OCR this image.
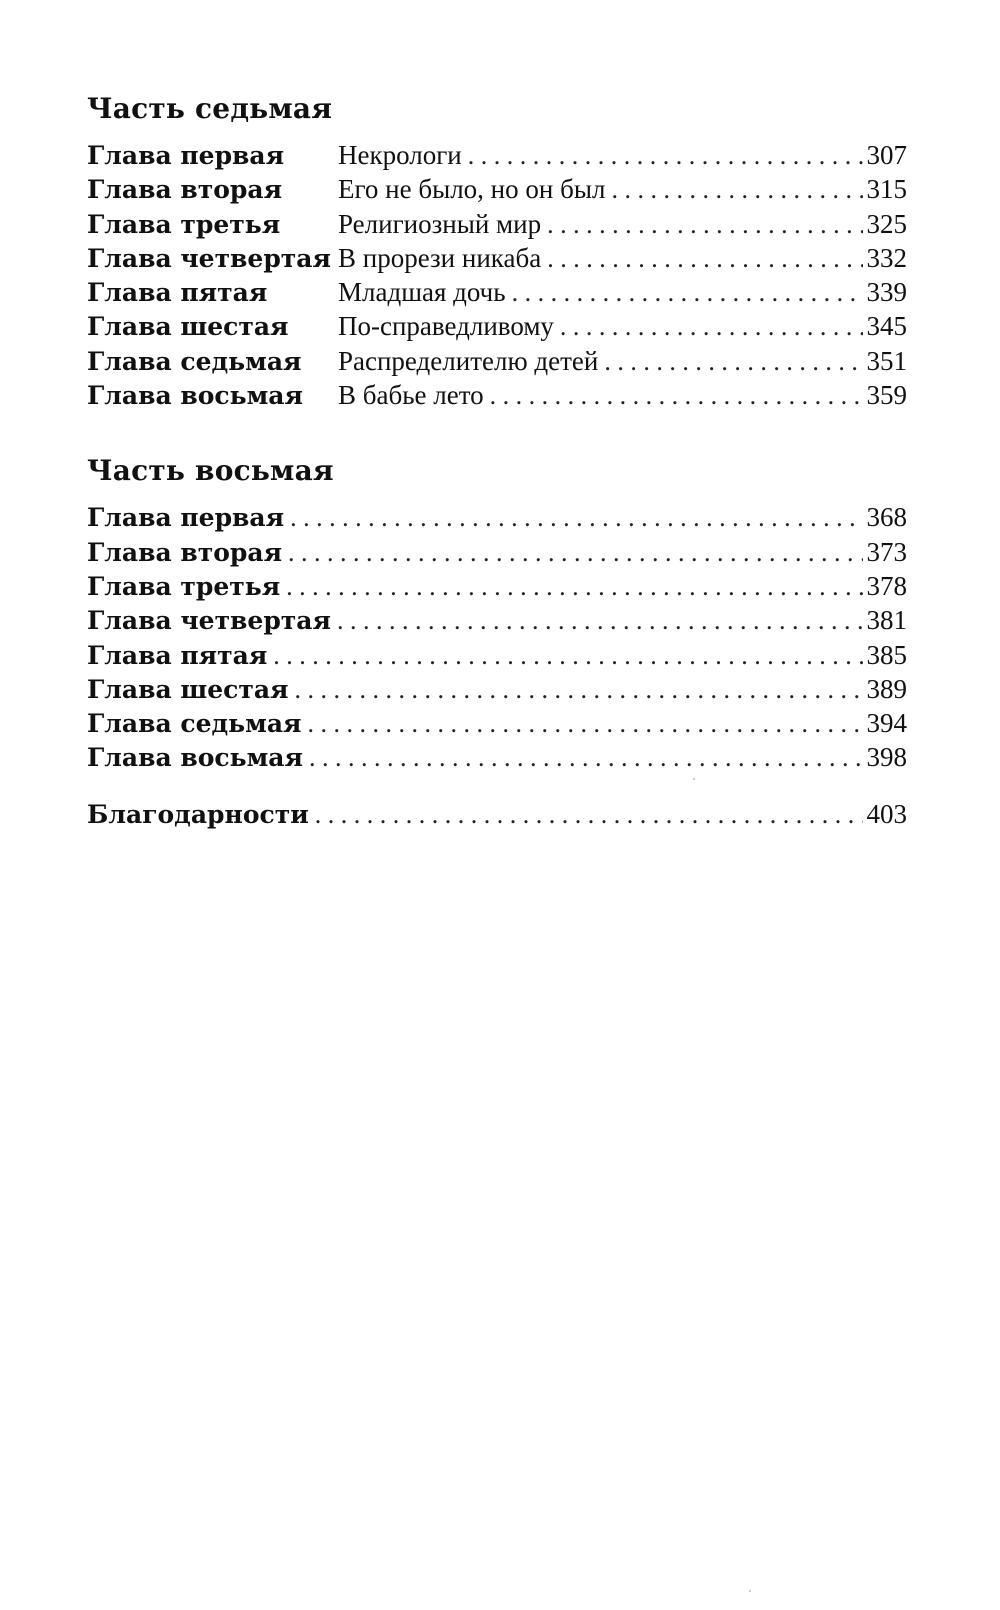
Часть седьмая
Глава первая	Некрологи . . .	307
Глава вторая	Его не было, но он был . . .	315
Глава третья	Религиозный мир . . .	325
Глава четвертая В прорези никаба . . .	332
Глава пятая	Младшая дочь . . .	339
Глава шестая	По-справедливому . . .	345
Глава седьмая	Распределителю детей . . .	351
Глава восьмая	В бабье лето . . .	359
Часть восьмая
Глава первая . . .	368
Глава вторая . . .	373
Глава третья . . .	378
Глава четвертая . . .	381
Глава пятая . . .	385
Глава шестая . . .	389
Глава седьмая . . .	394
Глава восьмая . . .	398
Благодарности . . .	403
